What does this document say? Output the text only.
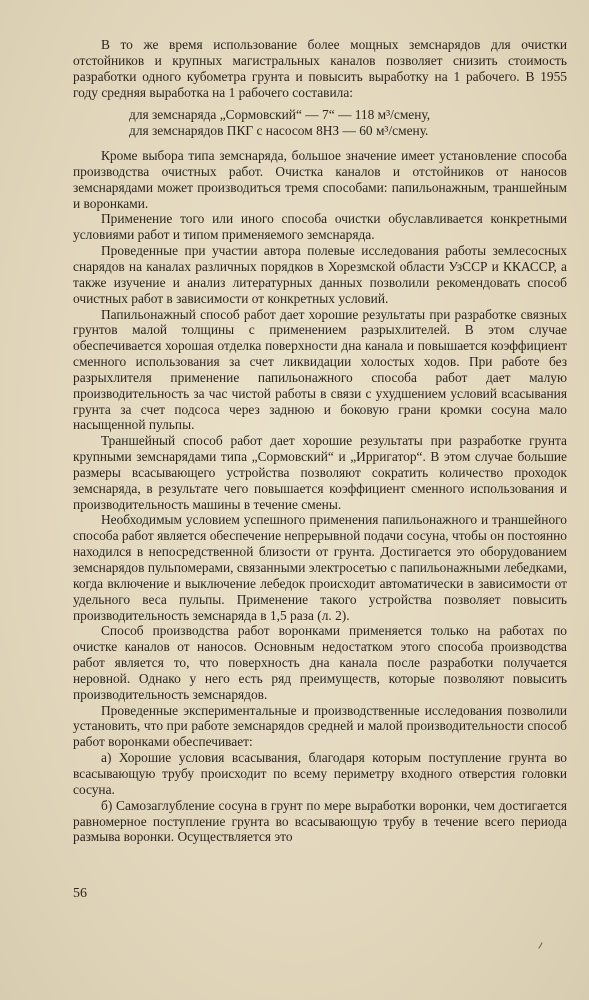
В то же время использование более мощных земснарядов для очистки отстойников и крупных магистральных каналов позволяет снизить стоимость разработки одного кубометра грунта и повысить выработку на 1 рабочего. В 1955 году средняя выработка на 1 рабочего составила:

для земснаряда „Сормовский“ — 7“ — 118 м³/смену,
для земснарядов ПКГ с насосом 8НЗ — 60 м³/смену.

Кроме выбора типа земснаряда, большое значение имеет установление способа производства очистных работ. Очистка каналов и отстойников от наносов земснарядами может производиться тремя способами: папильонажным, траншейным и воронками.

Применение того или иного способа очистки обуславливается конкретными условиями работ и типом применяемого земснаряда.

Проведенные при участии автора полевые исследования работы землесосных снарядов на каналах различных порядков в Хорезмской области УзССР и ККАССР, а также изучение и анализ литературных данных позволили рекомендовать способ очистных работ в зависимости от конкретных условий.

Папильонажный способ работ дает хорошие результаты при разработке связных грунтов малой толщины с применением разрыхлителей. В этом случае обеспечивается хорошая отделка поверхности дна канала и повышается коэффициент сменного использования за счет ликвидации холостых ходов. При работе без разрыхлителя применение папильонажного способа работ дает малую производительность за час чистой работы в связи с ухудшением условий всасывания грунта за счет подсоса через заднюю и боковую грани кромки сосуна мало насыщенной пульпы.

Траншейный способ работ дает хорошие результаты при разработке грунта крупными земснарядами типа „Сормовский“ и „Ирригатор“. В этом случае большие размеры всасывающего устройства позволяют сократить количество проходок земснаряда, в результате чего повышается коэффициент сменного использования и производительность машины в течение смены.

Необходимым условием успешного применения папильонажного и траншейного способа работ является обеспечение непрерывной подачи сосуна, чтобы он постоянно находился в непосредственной близости от грунта. Достигается это оборудованием земснарядов пульпомерами, связанными электросетью с папильонажными лебедками, когда включение и выключение лебедок происходит автоматически в зависимости от удельного веса пульпы. Применение такого устройства позволяет повысить производительность земснаряда в 1,5 раза (л. 2).

Способ производства работ воронками применяется только на работах по очистке каналов от наносов. Основным недостатком этого способа производства работ является то, что поверхность дна канала после разработки получается неровной. Однако у него есть ряд преимуществ, которые позволяют повысить производительность земснарядов.

Проведенные экспериментальные и производственные исследования позволили установить, что при работе земснарядов средней и малой производительности способ работ воронками обеспечивает:

а) Хорошие условия всасывания, благодаря которым поступление грунта во всасывающую трубу происходит по всему периметру входного отверстия головки сосуна.

б) Самозаглубление сосуна в грунт по мере выработки воронки, чем достигается равномерное поступление грунта во всасывающую трубу в течение всего периода размыва воронки. Осуществляется это

56
